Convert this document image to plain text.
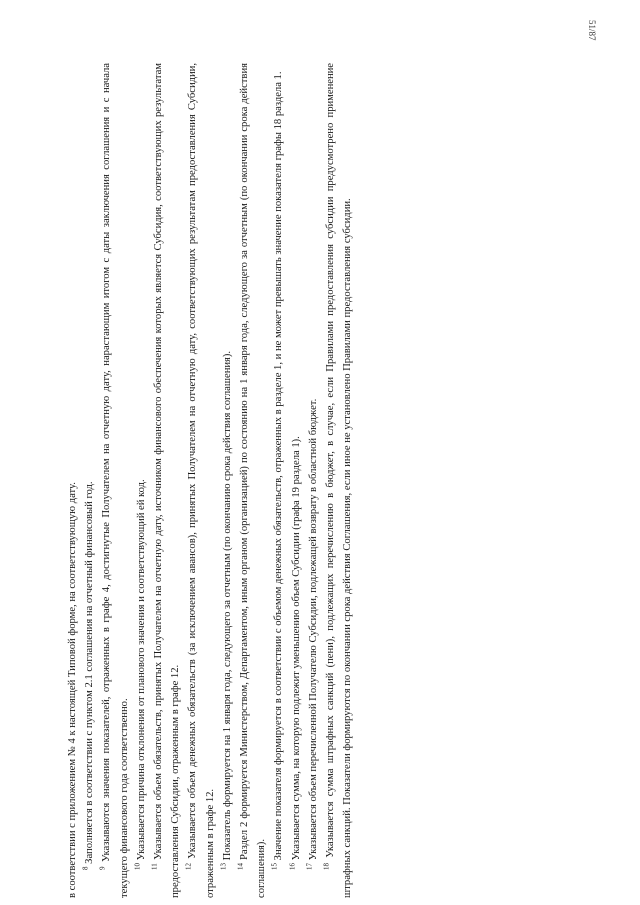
51/87

в соответствии с приложением № 4 к настоящей Типовой форме, на соответствующую дату. $^8$ Заполняется в соответствии с пунктом 2.1 соглашения на отчетный финансовый год.

$^9$ Указываются значения показателей, отраженных в графе 4, достигнутые Получателем на отчетную дату, нарастающим итогом с даты заключения соглашения и с начала текущего финансового года соответственно. $^{10}$ Указывается причина отклонения от планового значения и соответствующий ей код.

$^{11}$ Указывается объем обязательств, принятых Получателем на отчетную дату, источником финансового обеспечения которых является Субсидия, соответствующих результатам предоставления Субсидии, отраженным в графе 12. $^{12}$ Указывается объем денежных обязательств (за исключением авансов), принятых Получателем на отчетную дату, соответствующих результатам предоставления Субсидии, отраженным в графе 12. $^{13}$ Показатель формируется на 1 января года, следующего за отчетным (по окончанию срока действия соглашения).

$^{14}$ Раздел 2 формируется Министерством, Департаментом, иным органом (организацией) по состоянию на 1 января года, следующего за отчетным (по окончании срока действия соглашения). $^{15}$ Значение показателя формируется в соответствии с объемом денежных обязательств, отраженных в разделе 1, и не может превышать значение показателя графы 18 раздела 1.

$^{16}$ Указывается сумма, на которую подлежит уменьшению объем Субсидии (графа 19 раздела 1).

$^{17}$ Указывается объем перечисленной Получателю Субсидии, подлежащей возврату в областной бюджет.

$^{18}$ Указывается сумма штрафных санкций (пени), подлежащих перечислению в бюджет, в случае, если Правилами предоставления субсидии предусмотрено применение штрафных санкций. Показатели формируются по окончании срока действия Соглашения, если иное не установлено Правилами предоставления субсидии.
